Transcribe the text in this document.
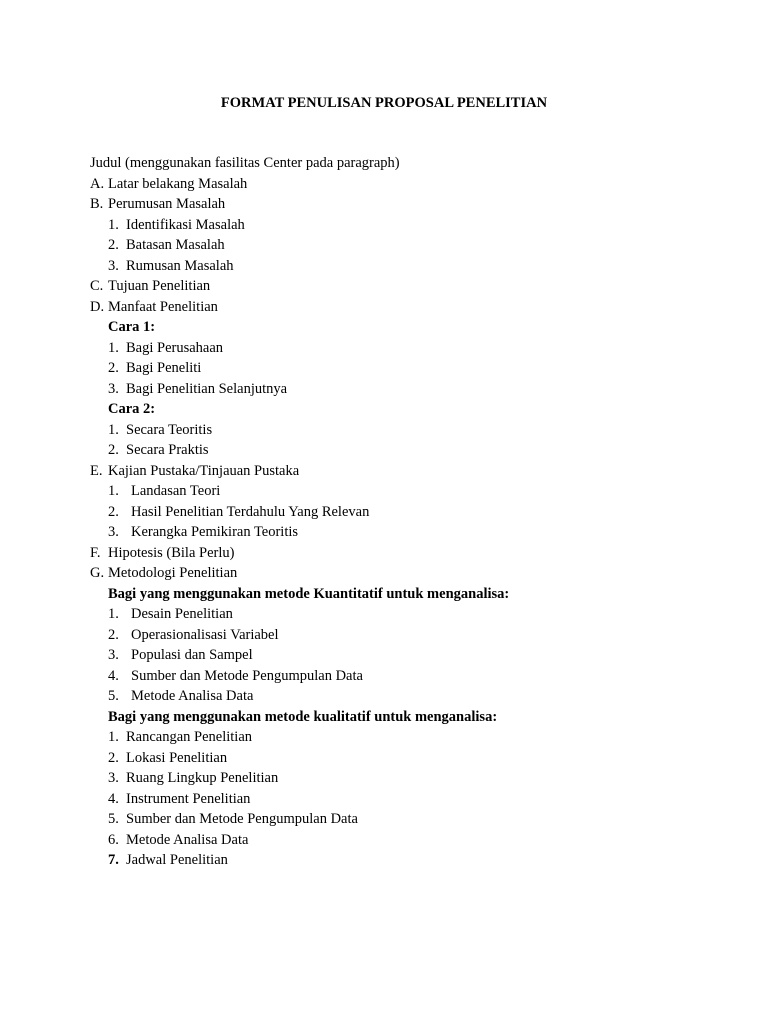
FORMAT PENULISAN PROPOSAL PENELITIAN
Judul (menggunakan fasilitas Center pada paragraph)
A. Latar belakang Masalah
B. Perumusan Masalah
1. Identifikasi Masalah
2. Batasan Masalah
3. Rumusan Masalah
C. Tujuan Penelitian
D. Manfaat Penelitian
Cara 1:
1. Bagi Perusahaan
2. Bagi Peneliti
3. Bagi Penelitian Selanjutnya
Cara 2:
1. Secara Teoritis
2. Secara Praktis
E. Kajian Pustaka/Tinjauan Pustaka
1. Landasan Teori
2. Hasil Penelitian Terdahulu Yang Relevan
3. Kerangka Pemikiran Teoritis
F. Hipotesis (Bila Perlu)
G. Metodologi Penelitian
Bagi yang menggunakan metode Kuantitatif untuk menganalisa:
1. Desain Penelitian
2. Operasionalisasi Variabel
3. Populasi dan Sampel
4. Sumber dan Metode Pengumpulan Data
5. Metode Analisa Data
Bagi yang menggunakan metode kualitatif untuk menganalisa:
1. Rancangan Penelitian
2. Lokasi Penelitian
3. Ruang Lingkup Penelitian
4. Instrument Penelitian
5. Sumber dan Metode Pengumpulan Data
6. Metode Analisa Data
7. Jadwal Penelitian
